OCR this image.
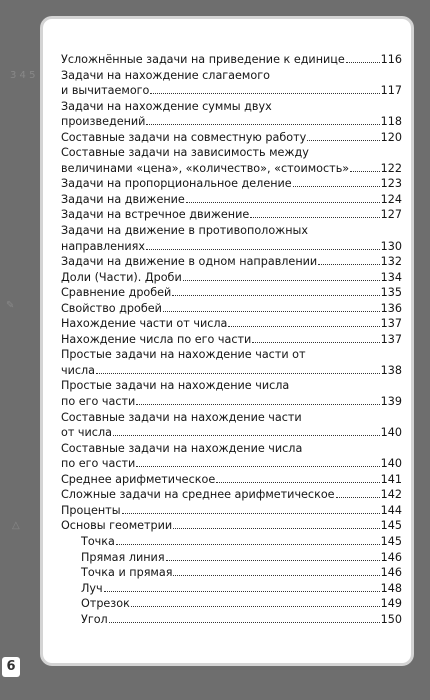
3 4 5
✎
△
Усложнённые задачи на приведение к единице	116
Задачи на нахождение слагаемого
и вычитаемого	117
Задачи на нахождение суммы двух
произведений	118
Составные задачи на совместную работу	120
Составные задачи на зависимость между
величинами «цена», «количество», «стоимость»	122
Задачи на пропорциональное деление	123
Задачи на движение	124
Задачи на встречное движение	127
Задачи на движение в противоположных
направлениях	130
Задачи на движение в одном направлении	132
Доли (Части). Дроби	134
Сравнение дробей	135
Свойство дробей	136
Нахождение части от числа	137
Нахождение числа по его части	137
Простые задачи на нахождение части от
числа	138
Простые задачи на нахождение числа
по его части	139
Составные задачи на нахождение части
от числа	140
Составные задачи на нахождение числа
по его части	140
Среднее арифметическое	141
Сложные задачи на среднее арифметическое	142
Проценты	144
Основы геометрии	145
Точка	145
Прямая линия	146
Точка и прямая	146
Луч	148
Отрезок	149
Угол	150
6
